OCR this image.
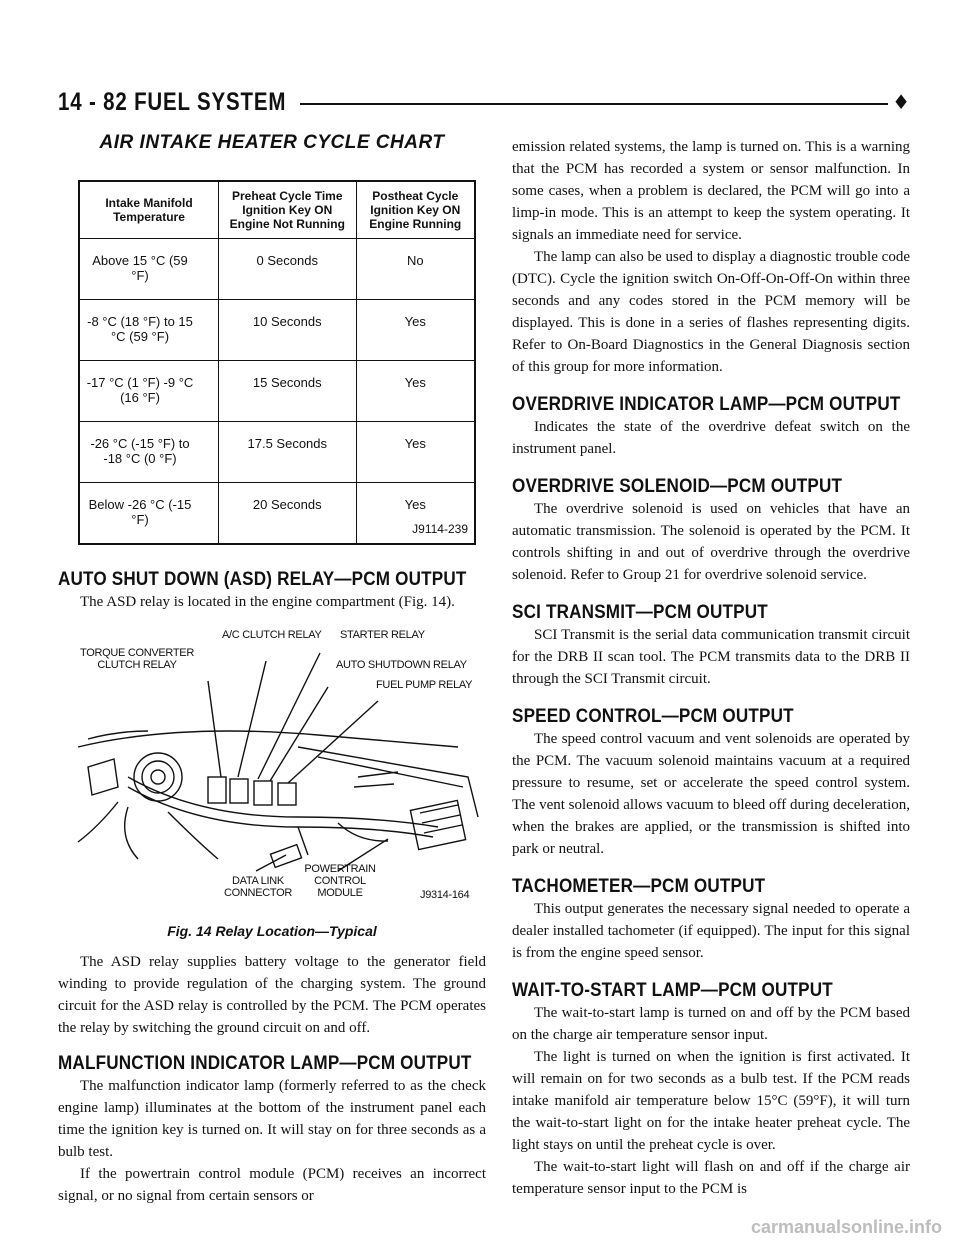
14 - 82 FUEL SYSTEM	♦
AIR INTAKE HEATER CYCLE CHART
Intake Manifold Temperature	Preheat Cycle Time Ignition Key ON Engine Not Running	Postheat Cycle Ignition Key ON Engine Running
Above 15 °C (59 °F)	0 Seconds	No
-8 °C (18 °F) to 15 °C (59 °F)	10 Seconds	Yes
-17 °C (1 °F) -9 °C (16 °F)	15 Seconds	Yes
-26 °C (-15 °F) to -18 °C (0 °F)	17.5 Seconds	Yes
Below -26 °C (-15 °F)	20 Seconds	Yes
J9114-239
AUTO SHUT DOWN (ASD) RELAY—PCM OUTPUT

The ASD relay is located in the engine compartment (Fig. 14).

A/C CLUTCH RELAY STARTER RELAY
TORQUE CONVERTER CLUTCH RELAY	AUTO SHUTDOWN RELAY
FUEL PUMP RELAY
DATA LINK CONNECTOR
POWERTRAIN CONTROL MODULE	J9314-164
Fig. 14 Relay Location—Typical

The ASD relay supplies battery voltage to the generator field winding to provide regulation of the charging system. The ground circuit for the ASD relay is controlled by the PCM. The PCM operates the relay by switching the ground circuit on and off.

MALFUNCTION INDICATOR LAMP—PCM OUTPUT

The malfunction indicator lamp (formerly referred to as the check engine lamp) illuminates at the bottom of the instrument panel each time the ignition key is turned on. It will stay on for three seconds as a bulb test.

If the powertrain control module (PCM) receives an incorrect signal, or no signal from certain sensors or

emission related systems, the lamp is turned on. This is a warning that the PCM has recorded a system or sensor malfunction. In some cases, when a problem is declared, the PCM will go into a limp-in mode. This is an attempt to keep the system operating. It signals an immediate need for service.

The lamp can also be used to display a diagnostic trouble code (DTC). Cycle the ignition switch On-Off-On-Off-On within three seconds and any codes stored in the PCM memory will be displayed. This is done in a series of flashes representing digits. Refer to On-Board Diagnostics in the General Diagnosis section of this group for more information.

OVERDRIVE INDICATOR LAMP—PCM OUTPUT

Indicates the state of the overdrive defeat switch on the instrument panel.

OVERDRIVE SOLENOID—PCM OUTPUT

The overdrive solenoid is used on vehicles that have an automatic transmission. The solenoid is operated by the PCM. It controls shifting in and out of overdrive through the overdrive solenoid. Refer to Group 21 for overdrive solenoid service.

SCI TRANSMIT—PCM OUTPUT

SCI Transmit is the serial data communication transmit circuit for the DRB II scan tool. The PCM transmits data to the DRB II through the SCI Transmit circuit.

SPEED CONTROL—PCM OUTPUT

The speed control vacuum and vent solenoids are operated by the PCM. The vacuum solenoid maintains vacuum at a required pressure to resume, set or accelerate the speed control system. The vent solenoid allows vacuum to bleed off during deceleration, when the brakes are applied, or the transmission is shifted into park or neutral.

TACHOMETER—PCM OUTPUT

This output generates the necessary signal needed to operate a dealer installed tachometer (if equipped). The input for this signal is from the engine speed sensor.

WAIT-TO-START LAMP—PCM OUTPUT

The wait-to-start lamp is turned on and off by the PCM based on the charge air temperature sensor input.

The light is turned on when the ignition is first activated. It will remain on for two seconds as a bulb test. If the PCM reads intake manifold air temperature below 15°C (59°F), it will turn the wait-to-start light on for the intake heater preheat cycle. The light stays on until the preheat cycle is over.

The wait-to-start light will flash on and off if the charge air temperature sensor input to the PCM is

carmanualsonline.info
